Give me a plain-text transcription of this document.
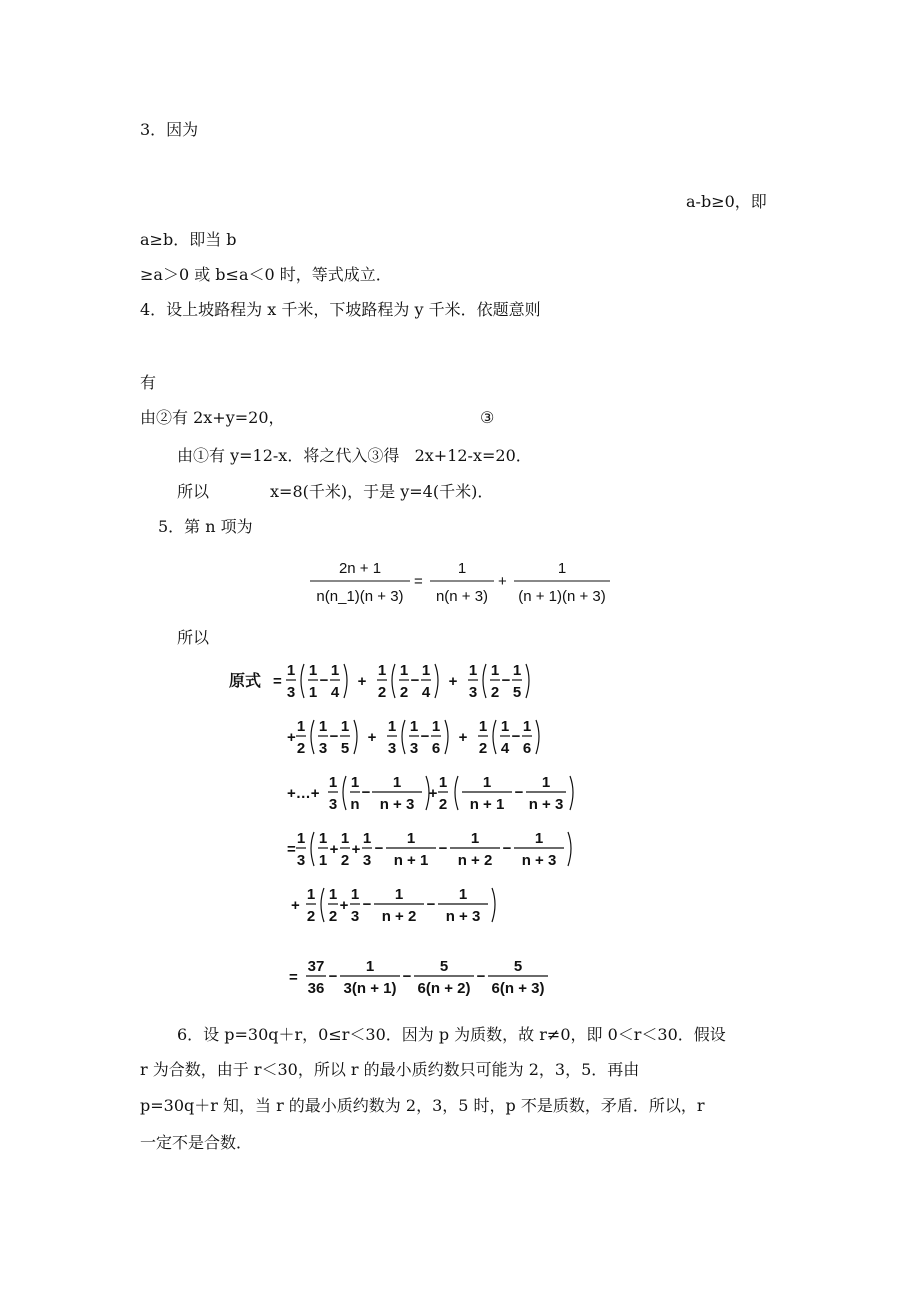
3．因为
a-b≥0，即
a≥b．即当 b
≥a＞0 或 b≤a＜0 时，等式成立．
4．设上坡路程为 x 千米，下坡路程为 y 千米．依题意则
有
由②有 2x+y=20，	③
由①有 y=12-x．将之代入③得   2x+12-x=20．
所以            x=8(千米)，于是 y=4(千米)．
5．第 n 项为
所以
2n + 1
n(n_1)(n + 3)
=
1
n(n + 3)
+
1
(n + 1)(n + 3)
原式 =
1
3
1
1
−
1
4
+
1
2
1
2
−
1
4
+
1
3
1
2
−
1
5
+
1
2
1
3
−
1
5
+
1
3
1
3
−
1
6
+
1
2
1
4
−
1
6
+…+
1
3
1
n
−
1
n + 3
+
1
2
1
n + 1
−
1
n + 3
=
1
3
1
1
+
1
2
+
1
3
−
1
n + 1
−
1
n + 2
−
1
n + 3
+
1
2
1
2
+
1
3
−
1
n + 2
−
1
n + 3
=
37
36
−
1
3(n + 1)
−
5
6(n + 2)
−
5
6(n + 3)
6．设 p=30q＋r，0≤r＜30．因为 p 为质数，故 r≠0，即 0＜r＜30．假设
r 为合数，由于 r＜30，所以 r 的最小质约数只可能为 2，3，5．再由
p=30q＋r 知，当 r 的最小质约数为 2，3，5 时，p 不是质数，矛盾．所以，r
一定不是合数．
